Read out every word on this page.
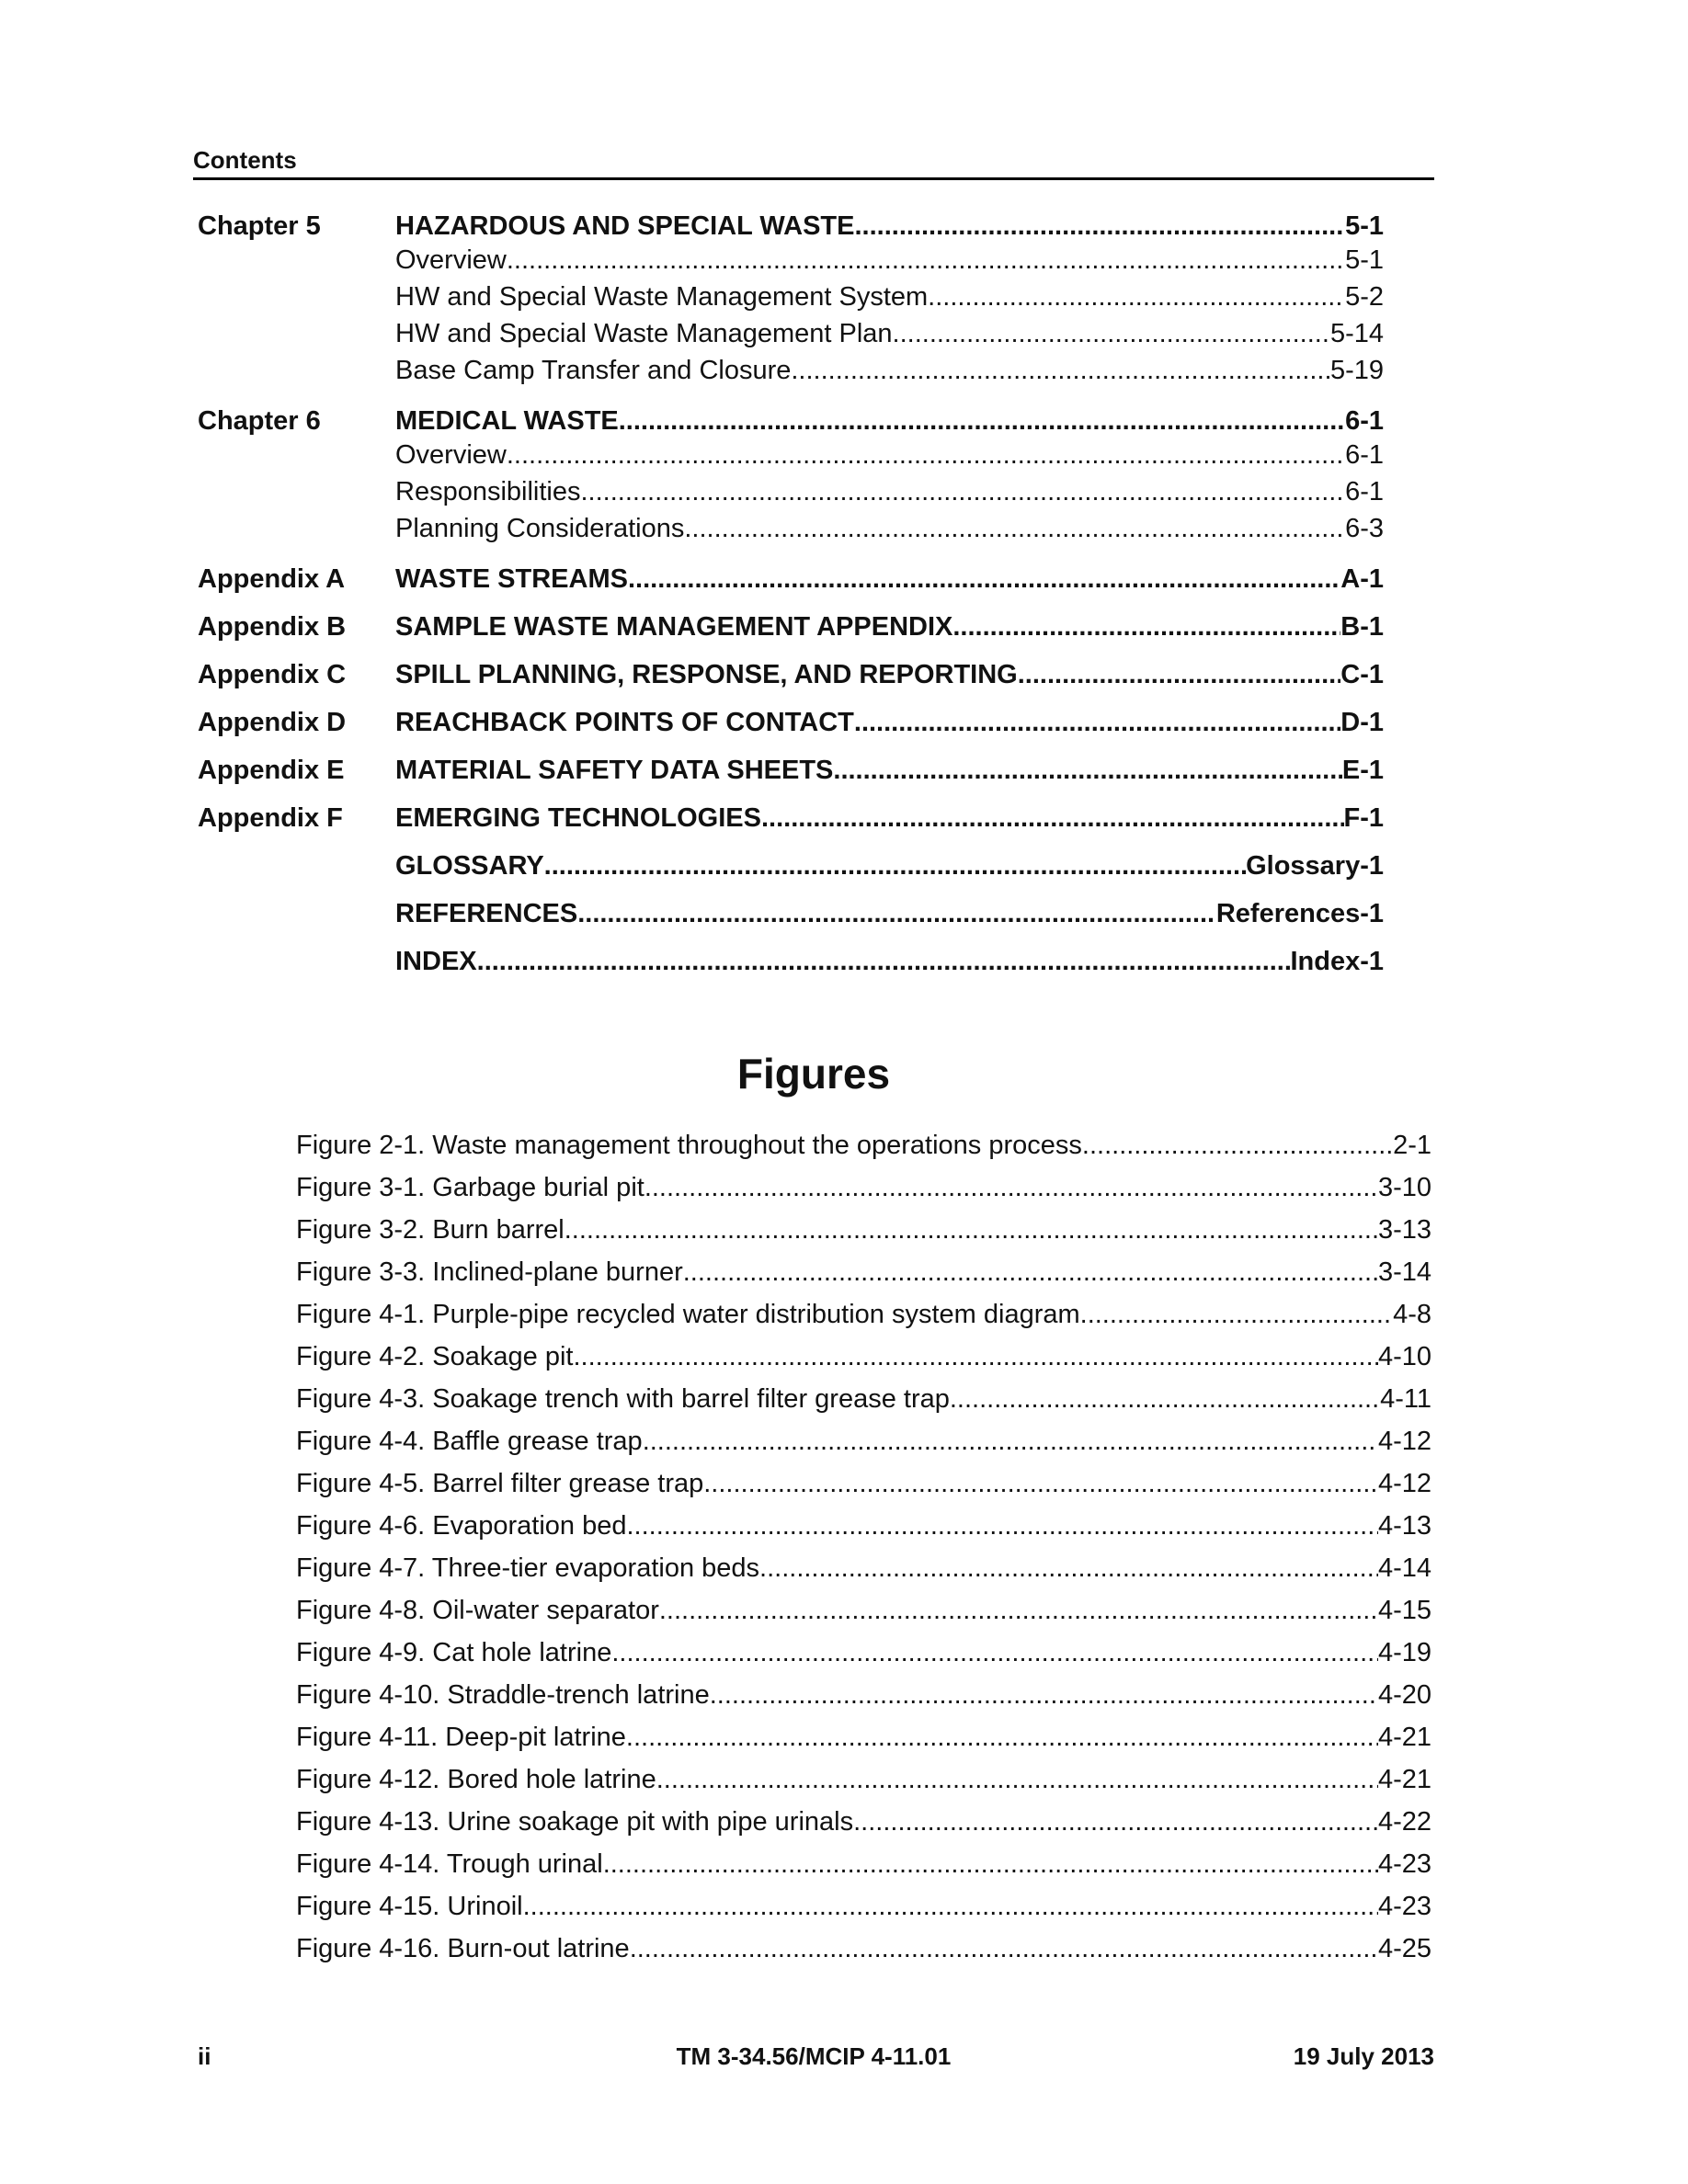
Contents
Chapter 5	HAZARDOUS AND SPECIAL WASTE .....	5-1
Overview .....	5-1
HW and Special Waste Management System .....	5-2
HW and Special Waste Management Plan .....	5-14
Base Camp Transfer and Closure .....	5-19
Chapter 6	MEDICAL WASTE .....	6-1
Overview .....	6-1
Responsibilities .....	6-1
Planning Considerations .....	6-3
Appendix A	WASTE STREAMS .....	A-1
Appendix B	SAMPLE WASTE MANAGEMENT APPENDIX .....	B-1
Appendix C	SPILL PLANNING, RESPONSE, AND REPORTING .....	C-1
Appendix D	REACHBACK POINTS OF CONTACT .....	D-1
Appendix E	MATERIAL SAFETY DATA SHEETS .....	E-1
Appendix F	EMERGING TECHNOLOGIES .....	F-1
GLOSSARY .....	Glossary-1
REFERENCES .....	References-1
INDEX .....	Index-1
Figures
Figure 2-1. Waste management throughout the operations process .....	2-1
Figure 3-1. Garbage burial pit .....	3-10
Figure 3-2. Burn barrel .....	3-13
Figure 3-3. Inclined-plane burner .....	3-14
Figure 4-1. Purple-pipe recycled water distribution system diagram .....	4-8
Figure 4-2. Soakage pit .....	4-10
Figure 4-3. Soakage trench with barrel filter grease trap .....	4-11
Figure 4-4. Baffle grease trap .....	4-12
Figure 4-5. Barrel filter grease trap .....	4-12
Figure 4-6. Evaporation bed .....	4-13
Figure 4-7. Three-tier evaporation beds .....	4-14
Figure 4-8. Oil-water separator .....	4-15
Figure 4-9. Cat hole latrine .....	4-19
Figure 4-10. Straddle-trench latrine .....	4-20
Figure 4-11. Deep-pit latrine .....	4-21
Figure 4-12. Bored hole latrine .....	4-21
Figure 4-13. Urine soakage pit with pipe urinals .....	4-22
Figure 4-14. Trough urinal .....	4-23
Figure 4-15. Urinoil .....	4-23
Figure 4-16. Burn-out latrine .....	4-25
ii	TM 3-34.56/MCIP 4-11.01	19 July 2013
